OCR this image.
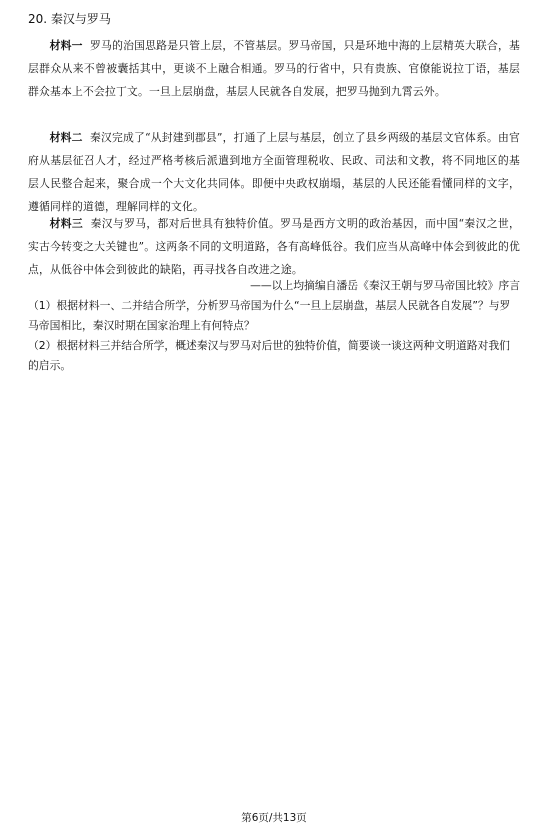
20. 秦汉与罗马
材料一 罗马的治国思路是只管上层，不管基层。罗马帝国，只是环地中海的上层精英大联合，基层群众从来不曾被囊括其中，更谈不上融合相通。罗马的行省中，只有贵族、官僚能说拉丁语，基层群众基本上不会拉丁文。一旦上层崩盘，基层人民就各自发展，把罗马抛到九霄云外。
材料二 秦汉完成了“从封建到郡县”，打通了上层与基层，创立了县乡两级的基层文官体系。由官府从基层征召人才，经过严格考核后派遣到地方全面管理税收、民政、司法和文教，将不同地区的基层人民整合起来，聚合成一个大文化共同体。即便中央政权崩塌，基层的人民还能看懂同样的文字，遵循同样的道德，理解同样的文化。
材料三 秦汉与罗马，都对后世具有独特价值。罗马是西方文明的政治基因，而中国“秦汉之世，实古今转变之大关键也”。这两条不同的文明道路，各有高峰低谷。我们应当从高峰中体会到彼此的优点，从低谷中体会到彼此的缺陷，再寻找各自改进之途。
——以上均摘编自潘岳《秦汉王朝与罗马帝国比较》序言
（1）根据材料一、二并结合所学，分析罗马帝国为什么“一旦上层崩盘，基层人民就各自发展”？与罗马帝国相比，秦汉时期在国家治理上有何特点？
（2）根据材料三并结合所学，概述秦汉与罗马对后世的独特价值，简要谈一谈这两种文明道路对我们的启示。
第6页/共13页
